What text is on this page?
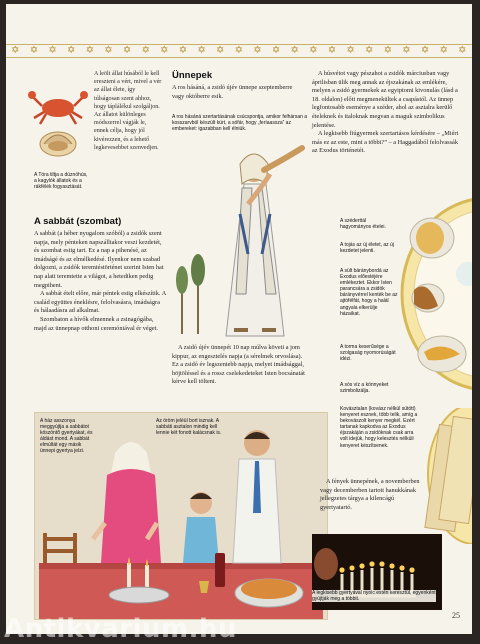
✡ ✡ ✡ ✡ ✡ ✡ ✡ ✡ ✡ ✡ ✡ ✡ ✡ ✡ ✡ ✡ ✡ ✡ ✡ ✡ ✡ ✡ ✡ ✡ ✡
A Tóra tiltja a dúznóhús, a kagylók állatok és a rákfélék fogyasztását.

A leölt állat húsából le kell ereszteni a vért, mivel a vér az állat élete, így túlságosan szent ahhoz, hogy táplálékul szolgáljon. Az állatot különleges módszerrel vágják le, ennek célja, hogy jól kivérezzen, és a lehető legkevesebbet szenvedjen.

A sabbát (szombat)

A sabbát (a héber nyugalom szóból) a zsidók szent napja, mely pénteken napszálltakor veszi kezdetét, és szombat estig tart. Ez a nap a pihenésé, az imádságé és az elmélkedésé. Ilyenkor nem szabad dolgozni, a zsidók teremtéstörténet szerint Isten hat nap alatt teremtette a világot, a hetediken pedig megpihent.

A sabbát ételt előre, már péntek estig elkészítik. A család együttes éneklésre, felolvasásra, imádságra és hálaadásra ad alkalmat.

Szombaton a hívők elmennek a zsinagógába, majd az ünnepnap otthoni ceremóniával ér véget.

Ünnepek

A ros hásáná, a zsidó újév ünnepe szeptemberre vagy októberre esik.

A ros hásáná szertartásának csúcspontja, amikor felhársan a kosszarvból készült kürt, a sófár, hogy „feríaassza” az embereket: igazabban kell élniük.

A zsidó újév ünnepét 10 nap múlva követi a jom kippur, az engesztelés napja (a sérelmek orvoslása). Ez a zsidó év legszentebb napja, melyet imádsággal, böjtöléssel és a rossz cselekedeteket Isten bocsánatát kérve kell tölteni.

A húsvétot vagy pészahot a zsidók márciusban vagy áprilisban ülik meg annak az éjszakának az emlékére, melyen a zsidó gyermekek az egyiptomi kivonulás (lásd a 18. oldalon) előtt megmenekültek a csapástól. Az ünnep legfontosabb eseménye a széder, ahol az asztalra kerülő ételeknek és italoknak megvan a maguk szimbolikus jelentése.

A legkisebb fiúgyermek szertartásos kérdésére – „Miért más ez az este, mint a többi?” – a Haggadából felolvassák az Exodus történetét.

A széderttál hagyományos ételei.
A tojás az új életet, az új kezdetet jelenti.
A sült báránybordá az Exodus előestéjére emlékeztet. Ekkor Isten parancsára a zsidók bárányvérrel kenték be az ajtófélfát, hogy a halál angyala elkerülje házaikat.
A torma keserűsége a szolgaság nyomorúságát idézi.
A sós víz a könnyeket szimbolizálja.
A ház asszonya meggyújtja a sabbátot köszöntő gyertyákat, és áldást mond. A sabbát elmúltát egy másik ünnepi gyertya jelzi.
Az öröm jeléül bort isznak. A sabbáti asztalon mindig kell lennie két fonott kalácsnak is.
Kovásztalan (kovász nélkül sütött) kenyeret esznek, több telik, amíg a bekovászolt kenyer megkél. Ezért tartanak kapkodva az Exodus éjszakáján a zsidóknak csak arra volt idejük, hogy kelesztés nélküli kenyeret készítsenek.

A fények ünnepének, a novemberben vagy decemberben tartott hanukkának jellegzetes tárgya a kilencágú gyertyatartó.

A legkisebb gyertyával nyolc estén keresztül, egyenként gyújtják meg a többit.
25
Antikvarium.hu
